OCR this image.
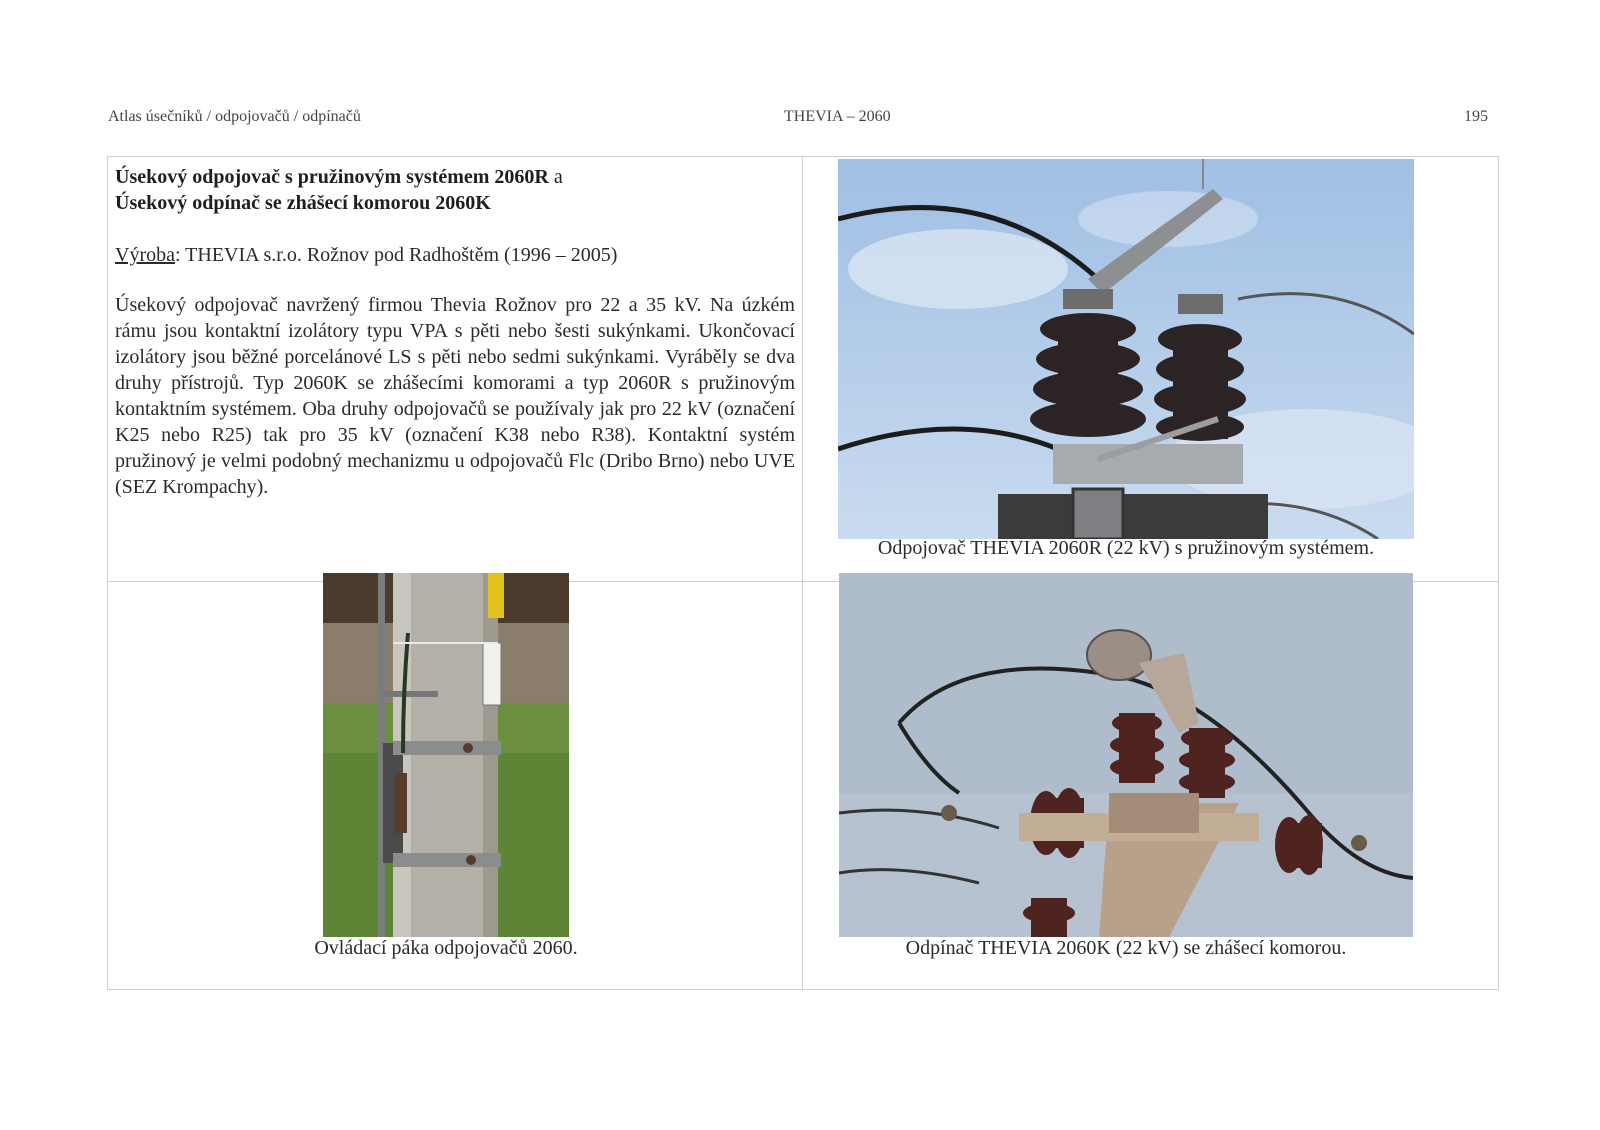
Atlas úsečníků / odpojovačů / odpínačů	THEVIA – 2060	195

Úsekový odpojovač s pružinovým systémem 2060R a
Úsekový odpínač se zhášecí komorou 2060K

Výroba: THEVIA s.r.o. Rožnov pod Radhoštěm (1996 – 2005)

Úsekový odpojovač navržený firmou Thevia Rožnov pro 22 a 35 kV. Na úzkém rámu jsou kontaktní izolátory typu VPA s pěti nebo šesti sukýnkami. Ukončovací izolátory jsou běžné porcelánové LS s pěti nebo sedmi sukýnkami. Vyráběly se dva druhy přístrojů. Typ 2060K se zhášecími komorami a typ 2060R s pružinovým kontaktním systémem. Oba druhy odpojovačů se používaly jak pro 22 kV (označení K25 nebo R25) tak pro 35 kV (označení K38 nebo R38). Kontaktní systém pružinový je velmi podobný mechanizmu u odpojovačů Flc (Dribo Brno) nebo UVE (SEZ Krompachy).

Odpojovač THEVIA 2060R (22 kV) s pružinovým systémem.
Ovládací páka odpojovačů 2060.	Odpínač THEVIA 2060K (22 kV) se zhášecí komorou.
